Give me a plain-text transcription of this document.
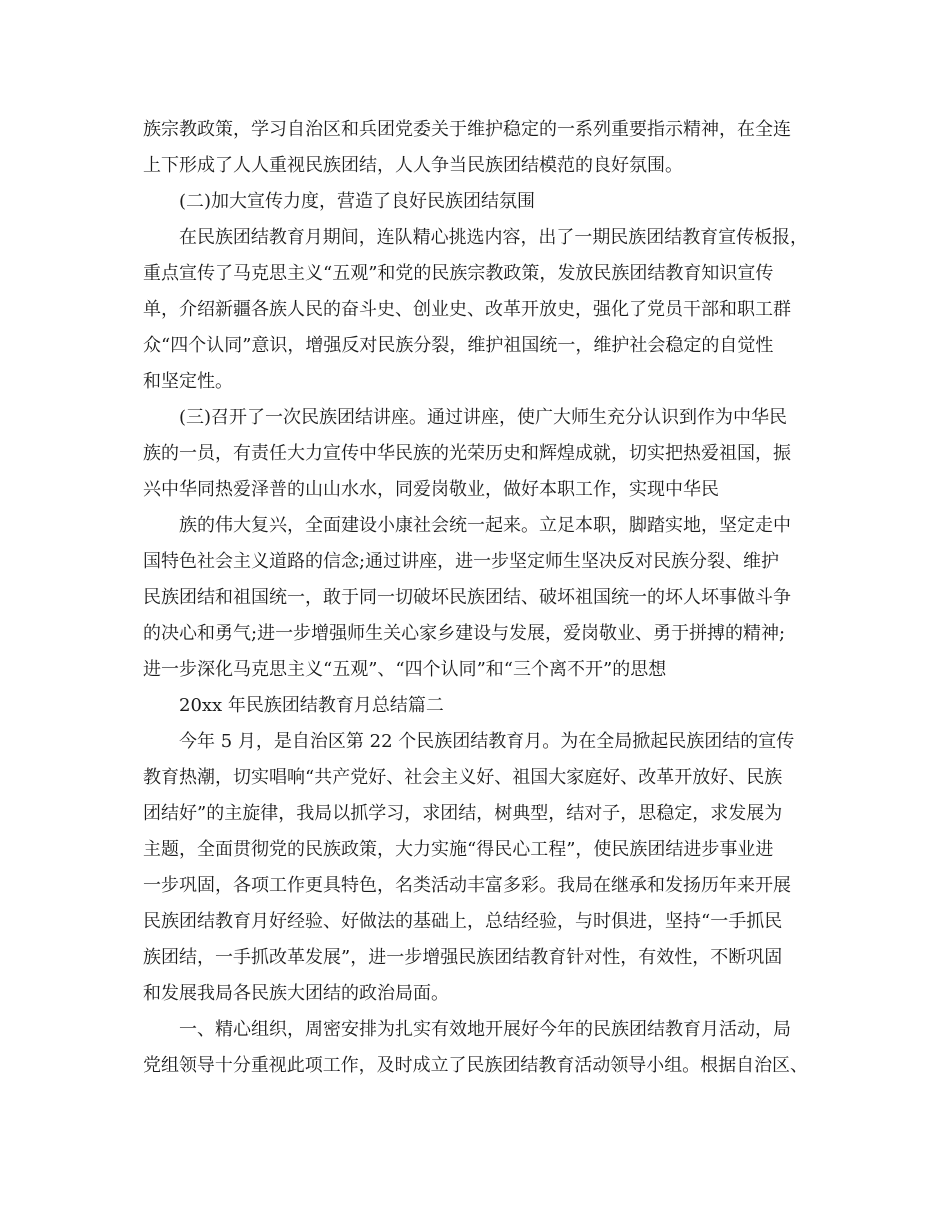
族宗教政策，学习自治区和兵团党委关于维护稳定的一系列重要指示精神，在全连
上下形成了人人重视民族团结，人人争当民族团结模范的良好氛围。
(二)加大宣传力度，营造了良好民族团结氛围
在民族团结教育月期间，连队精心挑选内容，出了一期民族团结教育宣传板报，
重点宣传了马克思主义“五观”和党的民族宗教政策，发放民族团结教育知识宣传
单，介绍新疆各族人民的奋斗史、创业史、改革开放史，强化了党员干部和职工群
众“四个认同”意识，增强反对民族分裂，维护祖国统一，维护社会稳定的自觉性
和坚定性。
(三)召开了一次民族团结讲座。通过讲座，使广大师生充分认识到作为中华民
族的一员，有责任大力宣传中华民族的光荣历史和辉煌成就，切实把热爱祖国，振
兴中华同热爱泽普的山山水水，同爱岗敬业，做好本职工作，实现中华民
族的伟大复兴，全面建设小康社会统一起来。立足本职，脚踏实地，坚定走中
国特色社会主义道路的信念;通过讲座，进一步坚定师生坚决反对民族分裂、维护
民族团结和祖国统一，敢于同一切破坏民族团结、破坏祖国统一的坏人坏事做斗争
的决心和勇气;进一步增强师生关心家乡建设与发展，爱岗敬业、勇于拼搏的精神;
进一步深化马克思主义“五观”、“四个认同”和“三个离不开”的思想
20xx 年民族团结教育月总结篇二
今年 5 月，是自治区第 22 个民族团结教育月。为在全局掀起民族团结的宣传
教育热潮，切实唱响“共产党好、社会主义好、祖国大家庭好、改革开放好、民族
团结好”的主旋律，我局以抓学习，求团结，树典型，结对子，思稳定，求发展为
主题，全面贯彻党的民族政策，大力实施“得民心工程”，使民族团结进步事业进
一步巩固，各项工作更具特色，名类活动丰富多彩。我局在继承和发扬历年来开展
民族团结教育月好经验、好做法的基础上，总结经验，与时俱进，坚持“一手抓民
族团结，一手抓改革发展”，进一步增强民族团结教育针对性，有效性，不断巩固
和发展我局各民族大团结的政治局面。
一、精心组织，周密安排为扎实有效地开展好今年的民族团结教育月活动，局
党组领导十分重视此项工作，及时成立了民族团结教育活动领导小组。根据自治区、
